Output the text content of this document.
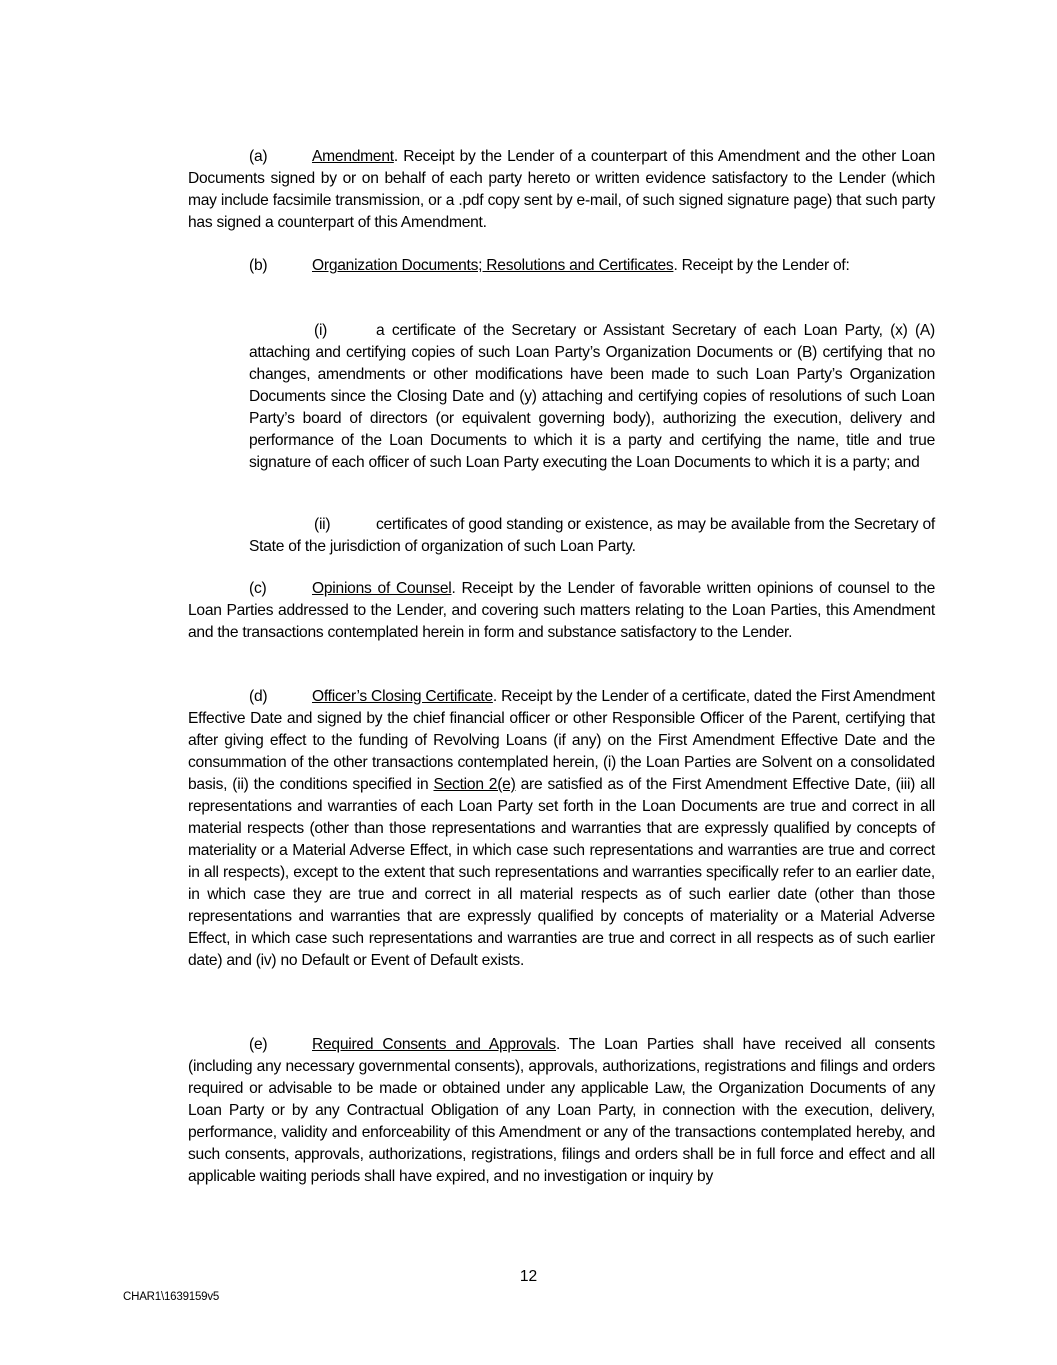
(a)	Amendment. Receipt by the Lender of a counterpart of this Amendment and the other Loan Documents signed by or on behalf of each party hereto or written evidence satisfactory to the Lender (which may include facsimile transmission, or a .pdf copy sent by e-mail, of such signed signature page) that such party has signed a counterpart of this Amendment.
(b)	Organization Documents; Resolutions and Certificates. Receipt by the Lender of:
(i)	a certificate of the Secretary or Assistant Secretary of each Loan Party, (x) (A) attaching and certifying copies of such Loan Party’s Organization Documents or (B) certifying that no changes, amendments or other modifications have been made to such Loan Party’s Organization Documents since the Closing Date and (y) attaching and certifying copies of resolutions of such Loan Party’s board of directors (or equivalent governing body), authorizing the execution, delivery and performance of the Loan Documents to which it is a party and certifying the name, title and true signature of each officer of such Loan Party executing the Loan Documents to which it is a party; and
(ii)	certificates of good standing or existence, as may be available from the Secretary of State of the jurisdiction of organization of such Loan Party.
(c)	Opinions of Counsel. Receipt by the Lender of favorable written opinions of counsel to the Loan Parties addressed to the Lender, and covering such matters relating to the Loan Parties, this Amendment and the transactions contemplated herein in form and substance satisfactory to the Lender.
(d)	Officer’s Closing Certificate. Receipt by the Lender of a certificate, dated the First Amendment Effective Date and signed by the chief financial officer or other Responsible Officer of the Parent, certifying that after giving effect to the funding of Revolving Loans (if any) on the First Amendment Effective Date and the consummation of the other transactions contemplated herein, (i) the Loan Parties are Solvent on a consolidated basis, (ii) the conditions specified in Section 2(e) are satisfied as of the First Amendment Effective Date, (iii) all representations and warranties of each Loan Party set forth in the Loan Documents are true and correct in all material respects (other than those representations and warranties that are expressly qualified by concepts of materiality or a Material Adverse Effect, in which case such representations and warranties are true and correct in all respects), except to the extent that such representations and warranties specifically refer to an earlier date, in which case they are true and correct in all material respects as of such earlier date (other than those representations and warranties that are expressly qualified by concepts of materiality or a Material Adverse Effect, in which case such representations and warranties are true and correct in all respects as of such earlier date) and (iv) no Default or Event of Default exists.
(e)	Required Consents and Approvals. The Loan Parties shall have received all consents (including any necessary governmental consents), approvals, authorizations, registrations and filings and orders required or advisable to be made or obtained under any applicable Law, the Organization Documents of any Loan Party or by any Contractual Obligation of any Loan Party, in connection with the execution, delivery, performance, validity and enforceability of this Amendment or any of the transactions contemplated hereby, and such consents, approvals, authorizations, registrations, filings and orders shall be in full force and effect and all applicable waiting periods shall have expired, and no investigation or inquiry by
12
CHAR1\1639159v5
